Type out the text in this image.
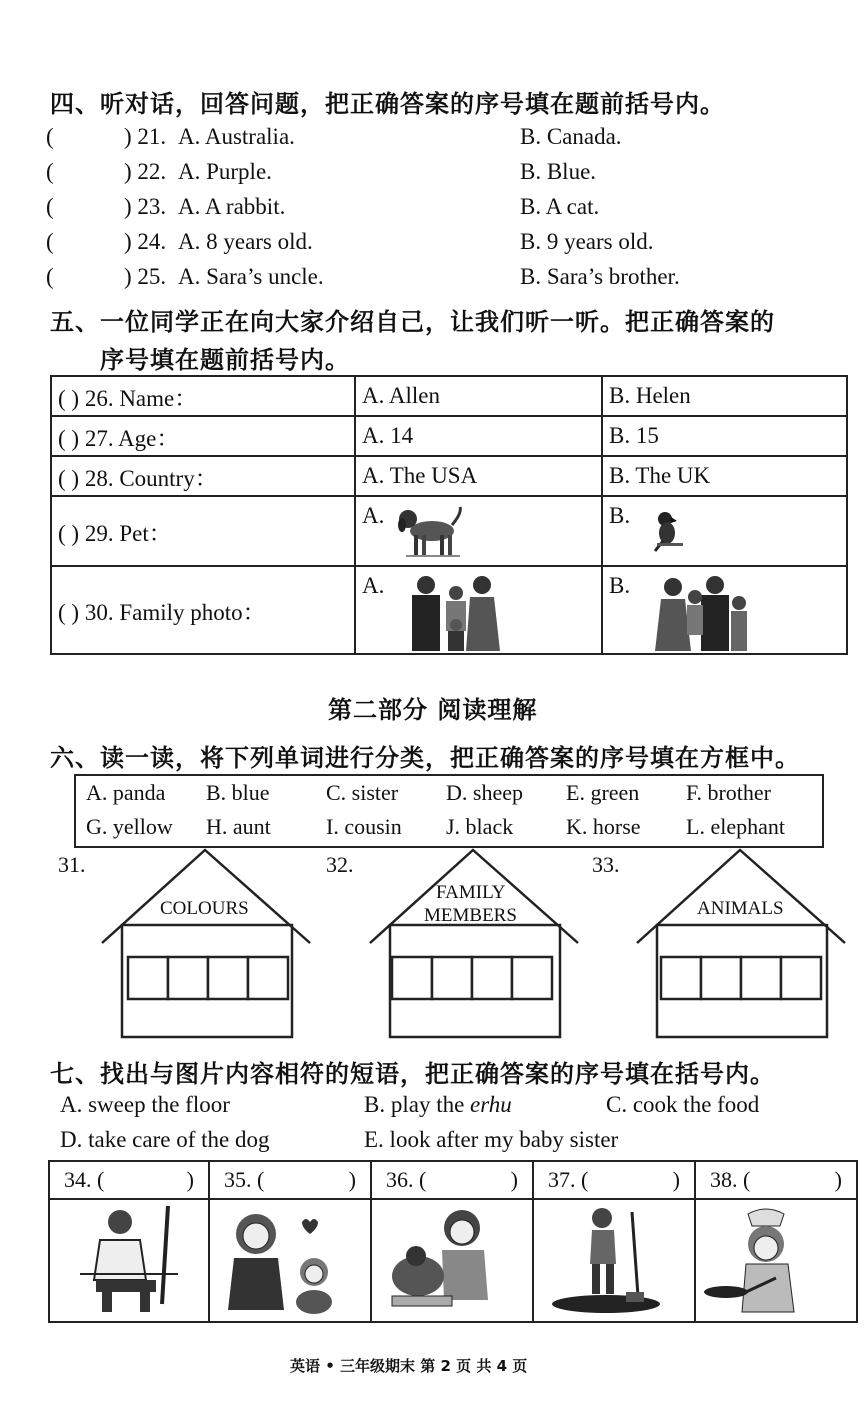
四、听对话，回答问题，把正确答案的序号填在题前括号内。
(	) 21. A. Australia.	B. Canada.
(	) 22. A. Purple.	B. Blue.
(	) 23. A. A rabbit.	B. A cat.
(	) 24. A. 8 years old.	B. 9 years old.
(	) 25. A. Sara’s uncle.	B. Sara’s brother.
五、一位同学正在向大家介绍自己，让我们听一听。把正确答案的
序号填在题前括号内。
( ) 26. Name：	A. Allen	B. Helen
( ) 27. Age：	A. 14	B. 15
( ) 28. Country：	A. The USA	B. The UK
( ) 29. Pet：	A.	B.

( ) 30. Family photo：	A.	B.
第二部分 阅读理解
六、读一读，将下列单词进行分类，把正确答案的序号填在方框中。
A. panda B. blue	C. sister D. sheep E. green F. brother
G. yellow H. aunt	I. cousin J. black K. horse L. elephant
31.	32.	33.
COLOURS
FAMILY
MEMBERS	ANIMALS
七、找出与图片内容相符的短语，把正确答案的序号填在括号内。
A. sweep the floor	B. play the erhu	C. cook the food
D. take care of the dog	E. look after my baby sister
34. ( )	35. ( )	36. ( )	37. ( )	38. ( )

英语 • 三年级期末 第 2 页 共 4 页
